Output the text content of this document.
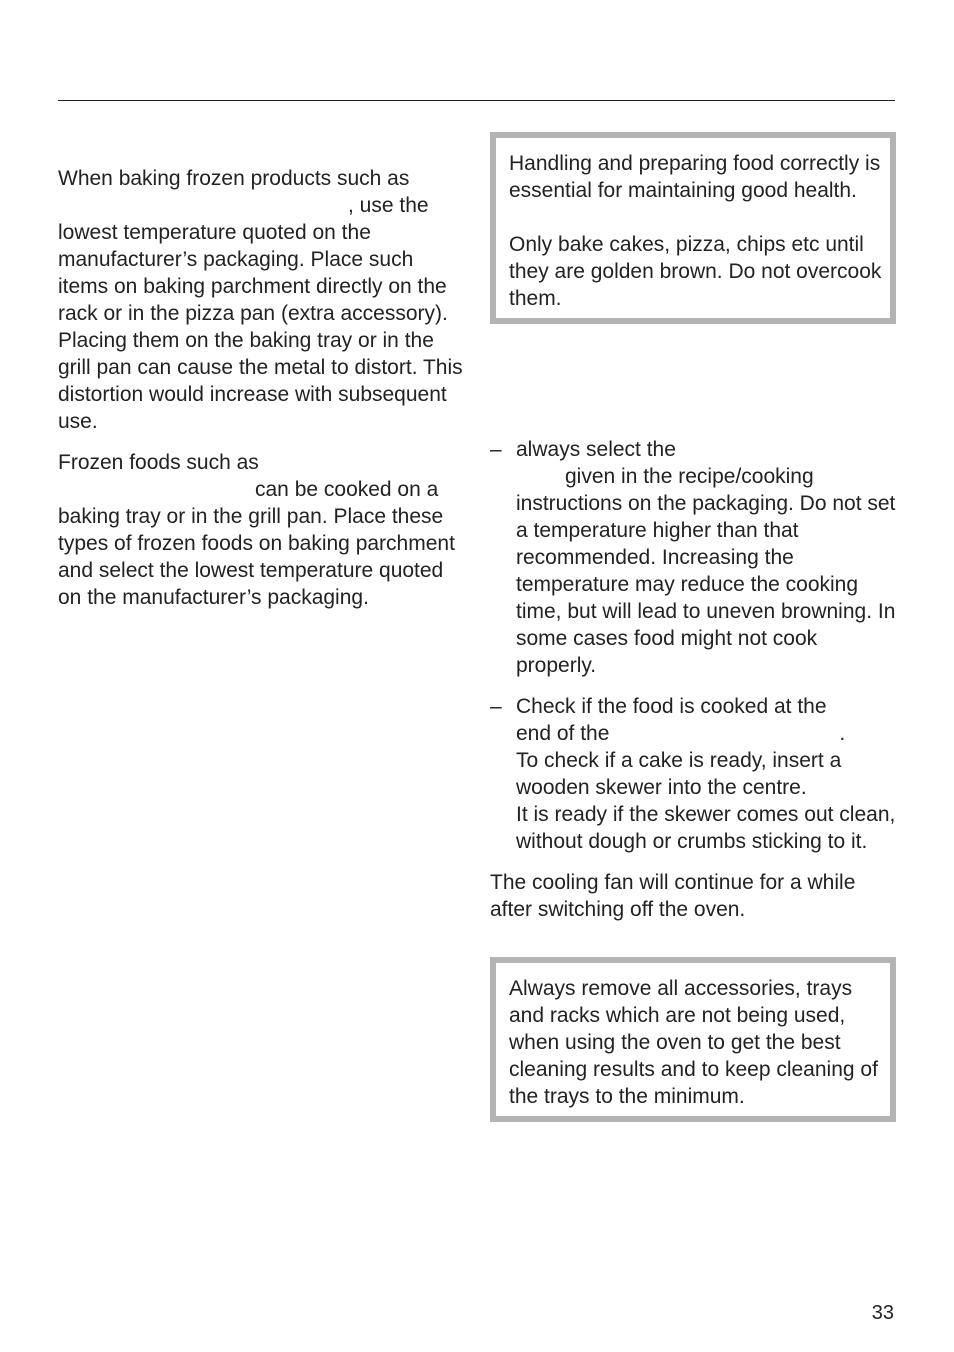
When baking frozen products such as
, use the
lowest temperature quoted on the manufacturer’s packaging. Place such items on baking parchment directly on the rack or in the pizza pan (extra accessory). Placing them on the baking tray or in the grill pan can cause the metal to distort. This distortion would increase with subsequent use.

Frozen foods such as
can be cooked on a
baking tray or in the grill pan. Place these types of frozen foods on baking parchment and select the lowest temperature quoted on the manufacturer’s packaging.

Handling and preparing food correctly is essential for maintaining good health.

Only bake cakes, pizza, chips etc until they are golden brown. Do not overcook them.

– always select the
given in the recipe/cooking
instructions on the packaging. Do not set a temperature higher than that recommended. Increasing the temperature may reduce the cooking time, but will lead to uneven browning. In some cases food might not cook properly.
– Check if the food is cooked at the
end of the	.
To check if a cake is ready, insert a wooden skewer into the centre.
It is ready if the skewer comes out clean, without dough or crumbs sticking to it.

The cooling fan will continue for a while after switching off the oven.

Always remove all accessories, trays and racks which are not being used, when using the oven to get the best cleaning results and to keep cleaning of the trays to the minimum.

33
